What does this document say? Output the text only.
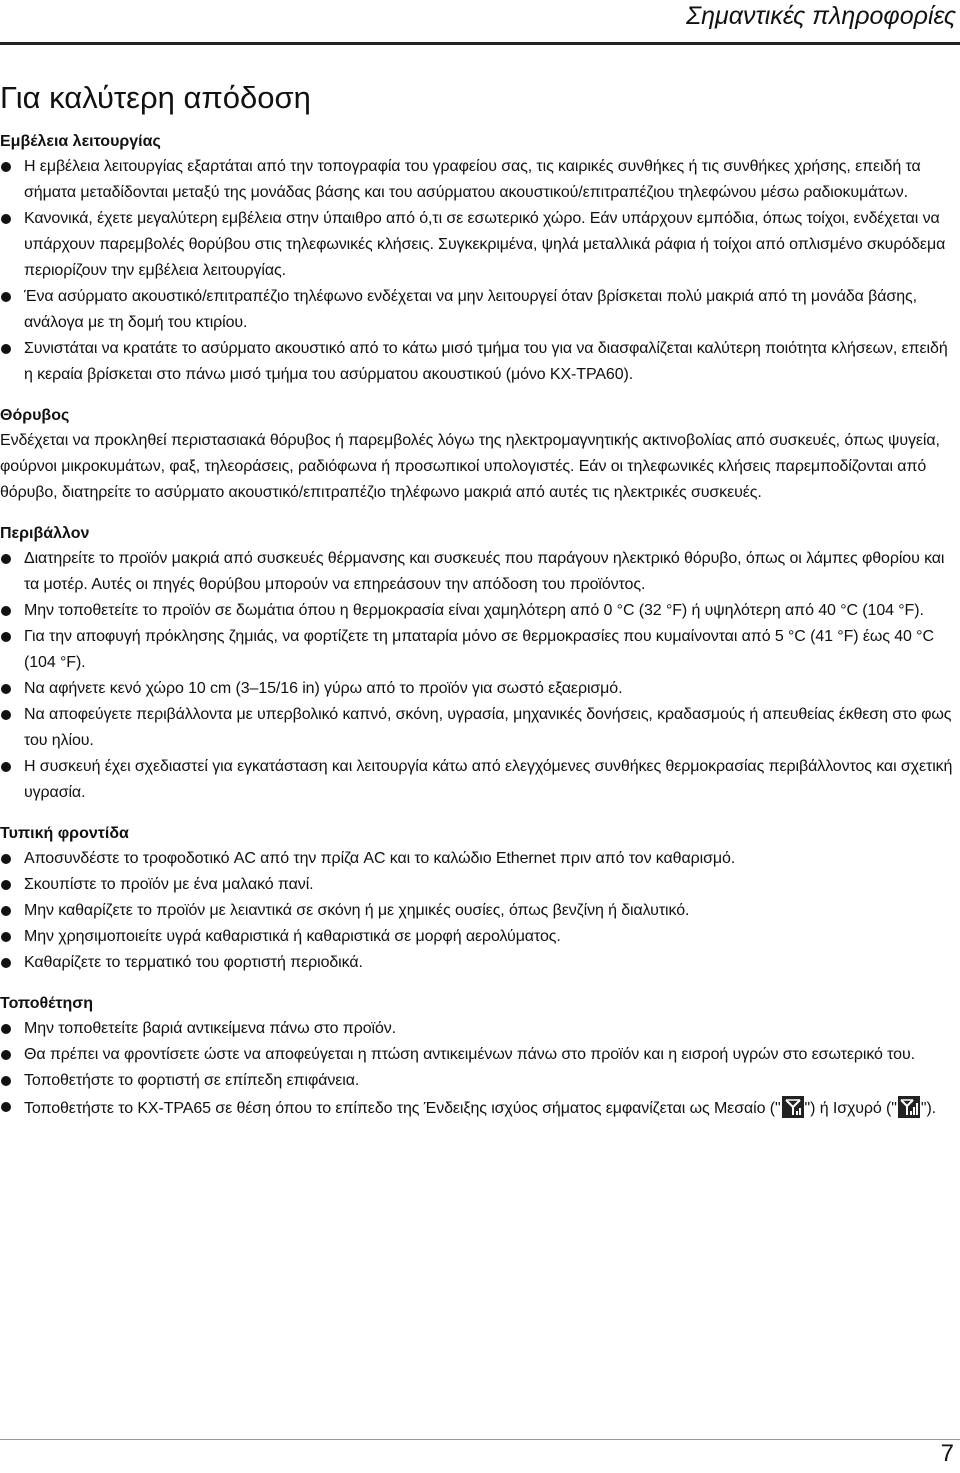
Σημαντικές πληροφορίες
Για καλύτερη απόδοση
Εμβέλεια λειτουργίας
Η εμβέλεια λειτουργίας εξαρτάται από την τοπογραφία του γραφείου σας, τις καιρικές συνθήκες ή τις συνθήκες χρήσης, επειδή τα σήματα μεταδίδονται μεταξύ της μονάδας βάσης και του ασύρματου ακουστικού/επιτραπέζιου τηλεφώνου μέσω ραδιοκυμάτων.
Κανονικά, έχετε μεγαλύτερη εμβέλεια στην ύπαιθρο από ό,τι σε εσωτερικό χώρο. Εάν υπάρχουν εμπόδια, όπως τοίχοι, ενδέχεται να υπάρχουν παρεμβολές θορύβου στις τηλεφωνικές κλήσεις. Συγκεκριμένα, ψηλά μεταλλικά ράφια ή τοίχοι από οπλισμένο σκυρόδεμα περιορίζουν την εμβέλεια λειτουργίας.
Ένα ασύρματο ακουστικό/επιτραπέζιο τηλέφωνο ενδέχεται να μην λειτουργεί όταν βρίσκεται πολύ μακριά από τη μονάδα βάσης, ανάλογα με τη δομή του κτιρίου.
Συνιστάται να κρατάτε το ασύρματο ακουστικό από το κάτω μισό τμήμα του για να διασφαλίζεται καλύτερη ποιότητα κλήσεων, επειδή η κεραία βρίσκεται στο πάνω μισό τμήμα του ασύρματου ακουστικού (μόνο KX-TPA60).
Θόρυβος

Ενδέχεται να προκληθεί περιστασιακά θόρυβος ή παρεμβολές λόγω της ηλεκτρομαγνητικής ακτινοβολίας από συσκευές, όπως ψυγεία, φούρνοι μικροκυμάτων, φαξ, τηλεοράσεις, ραδιόφωνα ή προσωπικοί υπολογιστές. Εάν οι τηλεφωνικές κλήσεις παρεμποδίζονται από θόρυβο, διατηρείτε το ασύρματο ακουστικό/επιτραπέζιο τηλέφωνο μακριά από αυτές τις ηλεκτρικές συσκευές.

Περιβάλλον
Διατηρείτε το προϊόν μακριά από συσκευές θέρμανσης και συσκευές που παράγουν ηλεκτρικό θόρυβο, όπως οι λάμπες φθορίου και τα μοτέρ. Αυτές οι πηγές θορύβου μπορούν να επηρεάσουν την απόδοση του προϊόντος.
Μην τοποθετείτε το προϊόν σε δωμάτια όπου η θερμοκρασία είναι χαμηλότερη από 0 °C (32 °F) ή υψηλότερη από 40 °C (104 °F).
Για την αποφυγή πρόκλησης ζημιάς, να φορτίζετε τη μπαταρία μόνο σε θερμοκρασίες που κυμαίνονται από 5 °C (41 °F) έως 40 °C (104 °F).
Να αφήνετε κενό χώρο 10 cm (3–15/16 in) γύρω από το προϊόν για σωστό εξαερισμό.
Να αποφεύγετε περιβάλλοντα με υπερβολικό καπνό, σκόνη, υγρασία, μηχανικές δονήσεις, κραδασμούς ή απευθείας έκθεση στο φως του ηλίου.
Η συσκευή έχει σχεδιαστεί για εγκατάσταση και λειτουργία κάτω από ελεγχόμενες συνθήκες θερμοκρασίας περιβάλλοντος και σχετική υγρασία.
Τυπική φροντίδα
Αποσυνδέστε το τροφοδοτικό AC από την πρίζα AC και το καλώδιο Ethernet πριν από τον καθαρισμό.
Σκουπίστε το προϊόν με ένα μαλακό πανί.
Μην καθαρίζετε το προϊόν με λειαντικά σε σκόνη ή με χημικές ουσίες, όπως βενζίνη ή διαλυτικό.
Μην χρησιμοποιείτε υγρά καθαριστικά ή καθαριστικά σε μορφή αερολύματος.
Καθαρίζετε το τερματικό του φορτιστή περιοδικά.
Τοποθέτηση
Μην τοποθετείτε βαριά αντικείμενα πάνω στο προϊόν.
Θα πρέπει να φροντίσετε ώστε να αποφεύγεται η πτώση αντικειμένων πάνω στο προϊόν και η εισροή υγρών στο εσωτερικό του.
Τοποθετήστε το φορτιστή σε επίπεδη επιφάνεια.
Τοποθετήστε το KX-TPA65 σε θέση όπου το επίπεδο της Ένδειξης ισχύος σήματος εμφανίζεται ως Μεσαίο (" ") ή Ισχυρό (" ").
7
